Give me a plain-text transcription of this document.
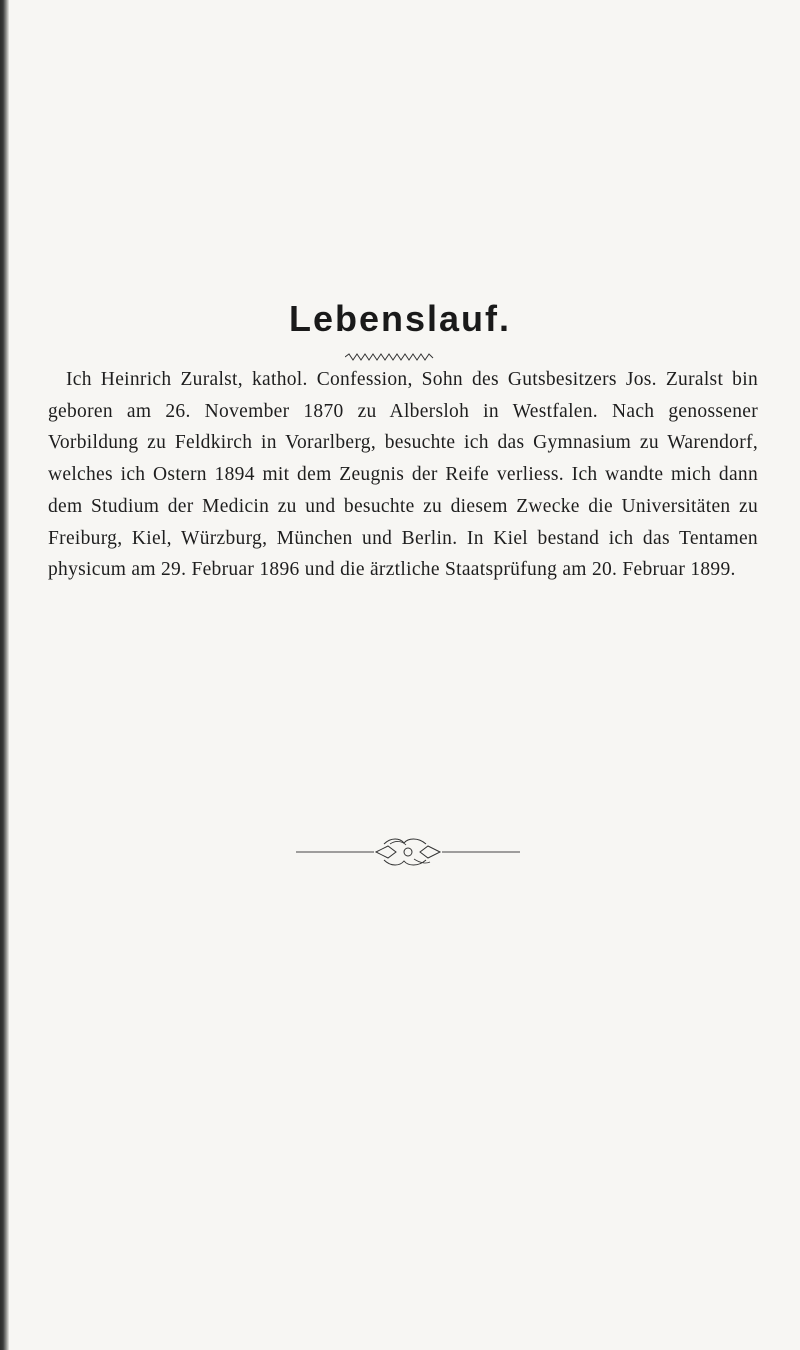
Lebenslauf.

Ich Heinrich Zuralst, kathol. Confession, Sohn des Gutsbesitzers Jos. Zuralst bin geboren am 26. November 1870 zu Albersloh in Westfalen. Nach genossener Vorbildung zu Feldkirch in Vorarlberg, besuchte ich das Gymnasium zu Warendorf, welches ich Ostern 1894 mit dem Zeugnis der Reife verliess. Ich wandte mich dann dem Studium der Medicin zu und besuchte zu diesem Zwecke die Universitäten zu Freiburg, Kiel, Würzburg, München und Berlin. In Kiel bestand ich das Tentamen physicum am 29. Februar 1896 und die ärztliche Staatsprüfung am 20. Februar 1899.
